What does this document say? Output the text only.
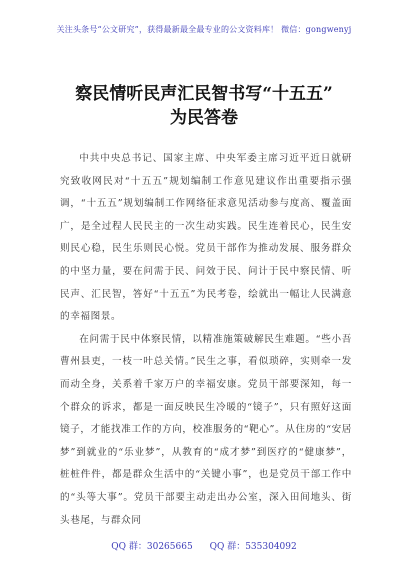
关注头条号“公文研究”，获得最新最全最专业的公文资料库！ 微信：gongwenyj
察民情听民声汇民智书写“十五五”
为民答卷

中共中央总书记、国家主席、中央军委主席习近平近日就研究致收网民对“十五五”规划编制工作意见建议作出重要指示强调，“十五五”规划编制工作网络征求意见活动参与度高、覆盖面广，是全过程人民民主的一次生动实践。民生连着民心，民生安则民心稳，民生乐则民心悦。党员干部作为推动发展、服务群众的中坚力量，要在问需于民、问效于民、问计于民中察民情、听民声、汇民智，答好“十五五”为民考卷，绘就出一幅让人民满意的幸福图景。

在问需于民中体察民情，以精准施策破解民生难题。“些小吾曹州县吏，一枝一叶总关情。”民生之事，看似琐碎，实则牵一发而动全身，关系着千家万户的幸福安康。党员干部要深知，每一个群众的诉求，都是一面反映民生冷暖的“镜子”，只有照好这面镜子，才能找准工作的方向，校准服务的“靶心”。从住房的“安居梦”到就业的“乐业梦”，从教育的“成才梦”到医疗的“健康梦”，桩桩件件，都是群众生活中的“关键小事”，也是党员干部工作中的“头等大事”。党员干部要主动走出办公室，深入田间地头、街头巷尾，与群众同

QQ 群：30265665 QQ 群：535304092
